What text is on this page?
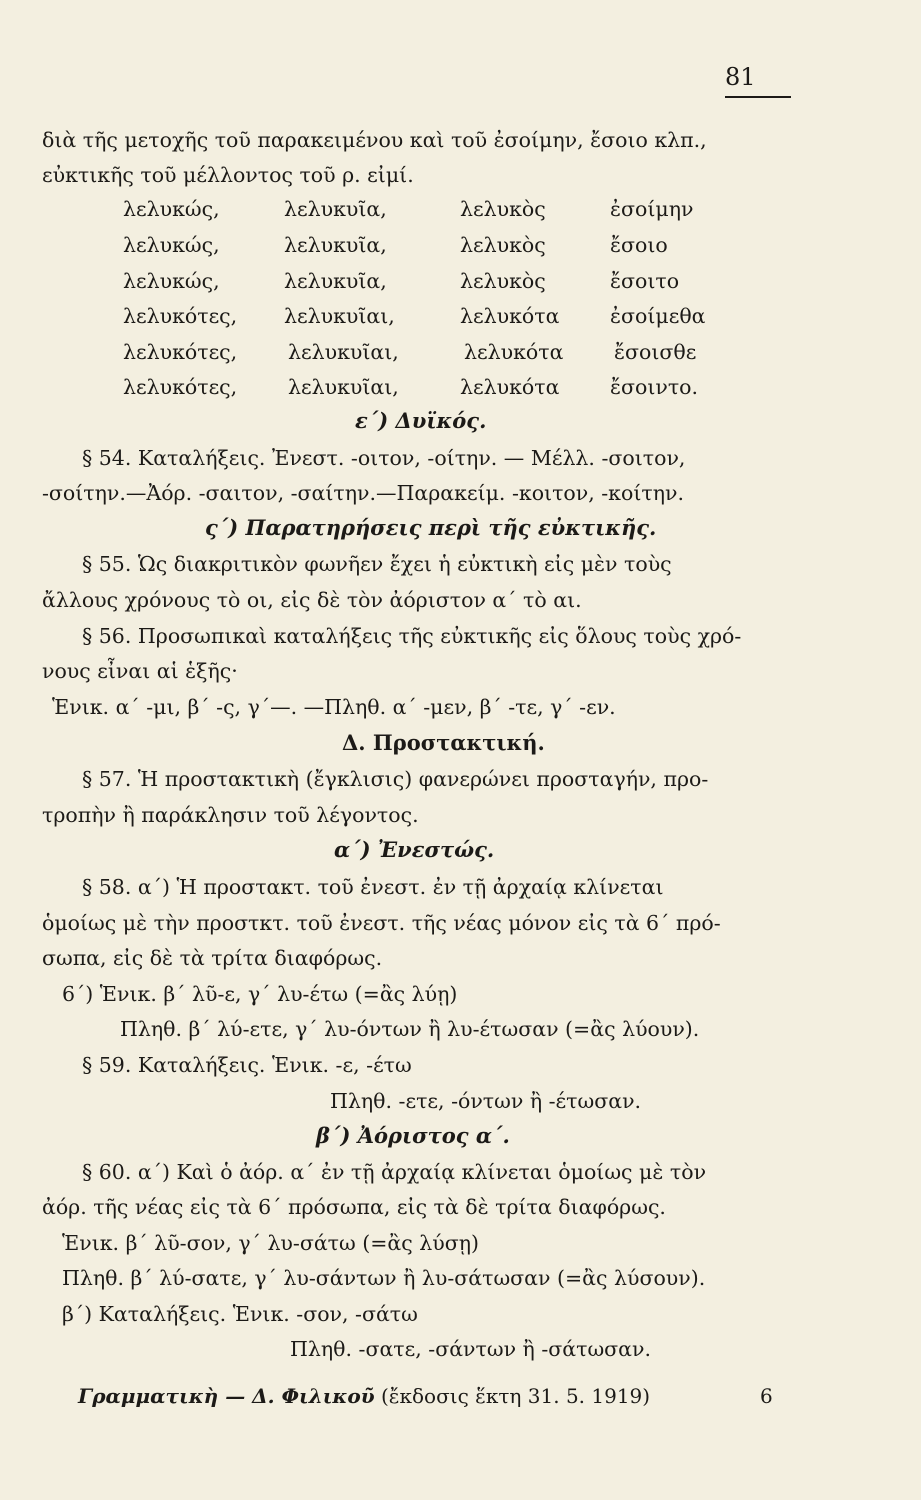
81
διὰ τῆς μετοχῆς τοῦ παρακειμένου καὶ τοῦ ἐσοίμην, ἔσοιο κλπ.,
εὐκτικῆς τοῦ μέλλοντος τοῦ ρ. εἰμί.
λελυκώς,	λελυκυῖα,	λελυκὸς	ἐσοίμην
λελυκώς,	λελυκυῖα,	λελυκὸς	ἔσοιο
λελυκώς,	λελυκυῖα,	λελυκὸς	ἔσοιτο
λελυκότες, λελυκυῖαι,	λελυκότα ἐσοίμεθα
λελυκότες, λελυκυῖαι,	λελυκότα ἔσοισθε
λελυκότες, λελυκυῖαι,	λελυκότα ἔσοιντο.
ε΄) Δυϊκός.
§ 54. Καταλήξεις. Ἐνεστ. -οιτον, -οίτην. — Μέλλ. -σοιτον,
-σοίτην.—Ἀόρ. -σαιτον, -σαίτην.—Παρακείμ. -κοιτον, -κοίτην.
ς΄) Παρατηρήσεις περὶ τῆς εὐκτικῆς.
§ 55. Ὡς διακριτικὸν φωνῆεν ἔχει ἡ εὐκτικὴ εἰς μὲν τοὺς
ἄλλους χρόνους τὸ οι, εἰς δὲ τὸν ἀόριστον α΄ τὸ αι.
§ 56. Προσωπικαὶ καταλήξεις τῆς εὐκτικῆς εἰς ὅλους τοὺς χρό-
νους εἶναι αἱ ἑξῆς·
Ἑνικ. α΄ -μι, β΄ -ς, γ΄—. —Πληθ. α΄ -μεν, β΄ -τε, γ΄ -εν.
Δ. Προστακτική.
§ 57. Ἡ προστακτικὴ (ἔγκλισις) φανερώνει προσταγήν, προ-
τροπὴν ἢ παράκλησιν τοῦ λέγοντος.
α΄) Ἐνεστώς.
§ 58. α΄) Ἡ προστακτ. τοῦ ἐνεστ. ἐν τῇ ἀρχαίᾳ κλίνεται
ὁμοίως μὲ τὴν προστκτ. τοῦ ἐνεστ. τῆς νέας μόνον εἰς τὰ 6΄ πρό-
σωπα, εἰς δὲ τὰ τρίτα διαφόρως.
6΄) Ἑνικ. β΄ λῦ-ε, γ΄ λυ-έτω (=ἂς λύῃ)
Πληθ. β΄ λύ-ετε, γ΄ λυ-όντων ἢ λυ-έτωσαν (=ἂς λύουν).
§ 59. Καταλήξεις. Ἑνικ. -ε, -έτω
Πληθ. -ετε, -όντων ἢ -έτωσαν.
β΄) Ἀόριστος α΄.
§ 60. α΄) Καὶ ὁ ἀόρ. α΄ ἐν τῇ ἀρχαίᾳ κλίνεται ὁμοίως μὲ τὸν
ἀόρ. τῆς νέας εἰς τὰ 6΄ πρόσωπα, εἰς τὰ δὲ τρίτα διαφόρως.
Ἑνικ. β΄ λῦ-σον, γ΄ λυ-σάτω (=ἂς λύσῃ)
Πληθ. β΄ λύ-σατε, γ΄ λυ-σάντων ἢ λυ-σάτωσαν (=ἂς λύσουν).
β΄) Καταλήξεις. Ἑνικ. -σον, -σάτω
Πληθ. -σατε, -σάντων ἢ -σάτωσαν.
Γραμματικὴ — Δ. Φιλικοῦ (ἔκδοσις ἕκτη 31. 5. 1919)	6
